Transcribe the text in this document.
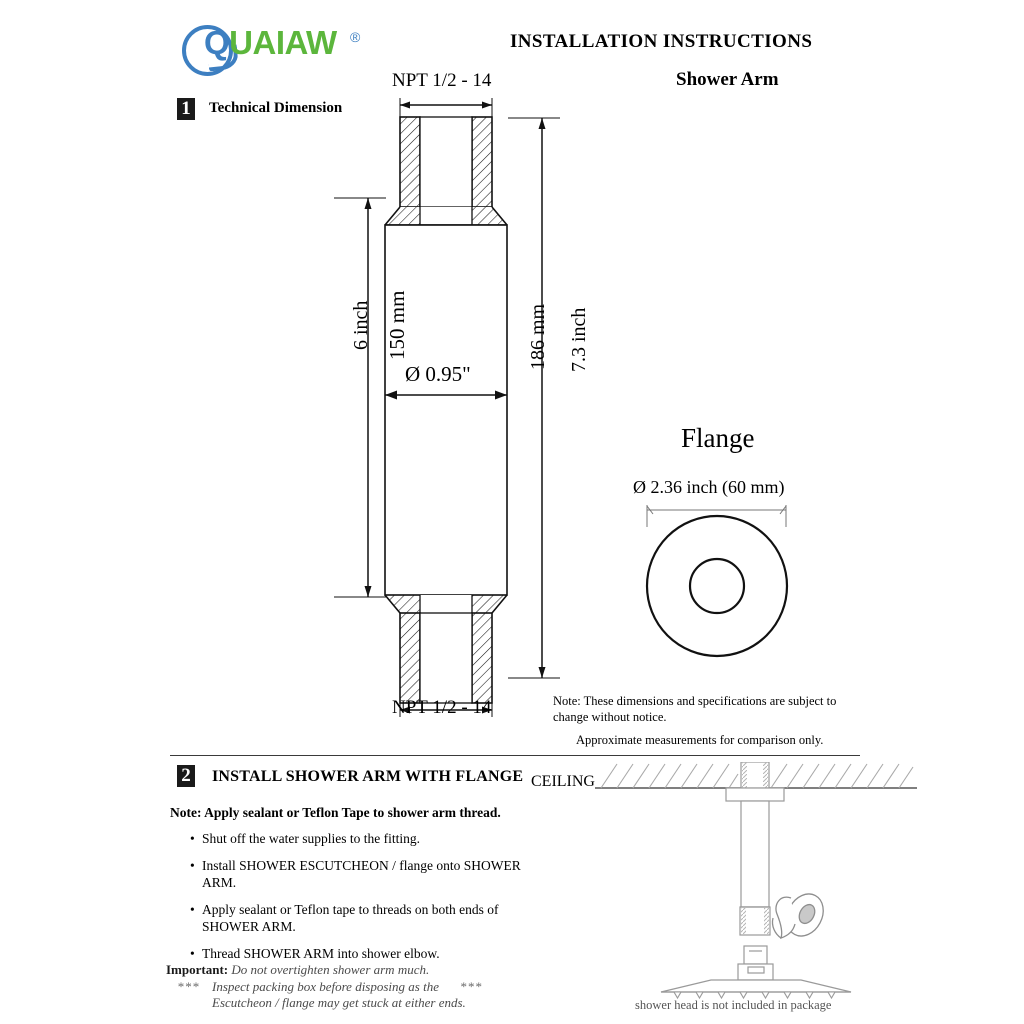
QUAIAW ®	INSTALLATION INSTRUCTIONS
Shower Arm
1 Technical Dimension
NPT 1/2 - 14
NPT 1/2 - 14
6 inch 150 mm	186 mm 7.3 inch
Ø 0.95"
Flange
Ø 2.36 inch (60 mm)
Note: These dimensions and specifications are subject to change without notice.
Approximate measurements for comparison only.
2 INSTALL SHOWER ARM WITH FLANGE
Note: Apply sealant or Teflon Tape to shower arm thread.
• Shut off the water supplies to the fitting.
• Install SHOWER ESCUTCHEON / flange onto SHOWER ARM.
• Apply sealant or Teflon tape to threads on both ends of SHOWER ARM.
• Thread SHOWER ARM into shower elbow.
Important: Do not overtighten shower arm much.
*** Inspect packing box before disposing as the ***
Escutcheon / flange may get stuck at either ends.
CEILING
shower head is not included in package
